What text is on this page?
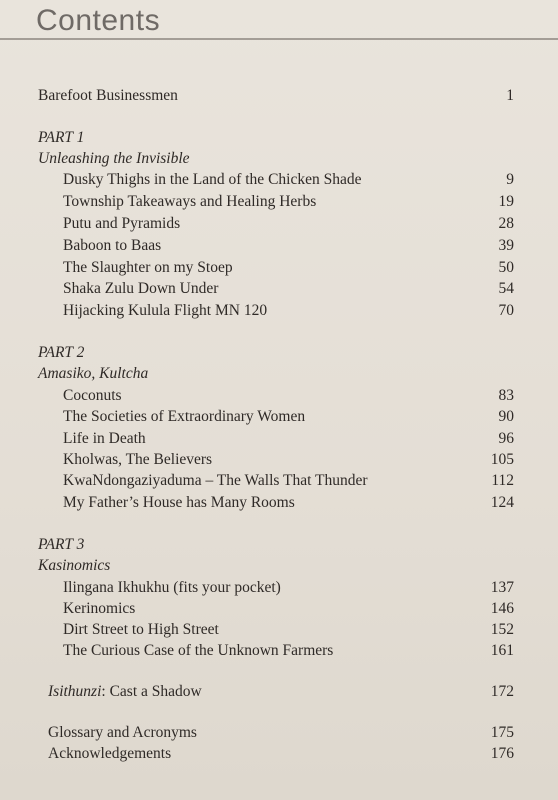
Contents
Barefoot Businessmen	1
PART 1
Unleashing the Invisible
Dusky Thighs in the Land of the Chicken Shade	9
Township Takeaways and Healing Herbs	19
Putu and Pyramids	28
Baboon to Baas	39
The Slaughter on my Stoep	50
Shaka Zulu Down Under	54
Hijacking Kulula Flight MN 120	70
PART 2
Amasiko, Kultcha
Coconuts	83
The Societies of Extraordinary Women	90
Life in Death	96
Kholwas, The Believers	105
KwaNdongaziyaduma – The Walls That Thunder	112
My Father’s House has Many Rooms	124
PART 3
Kasinomics
Ilingana Ikhukhu (fits your pocket)	137
Kerinomics	146
Dirt Street to High Street	152
The Curious Case of the Unknown Farmers	161
Isithunzi: Cast a Shadow	172
Glossary and Acronyms	175
Acknowledgements	176
